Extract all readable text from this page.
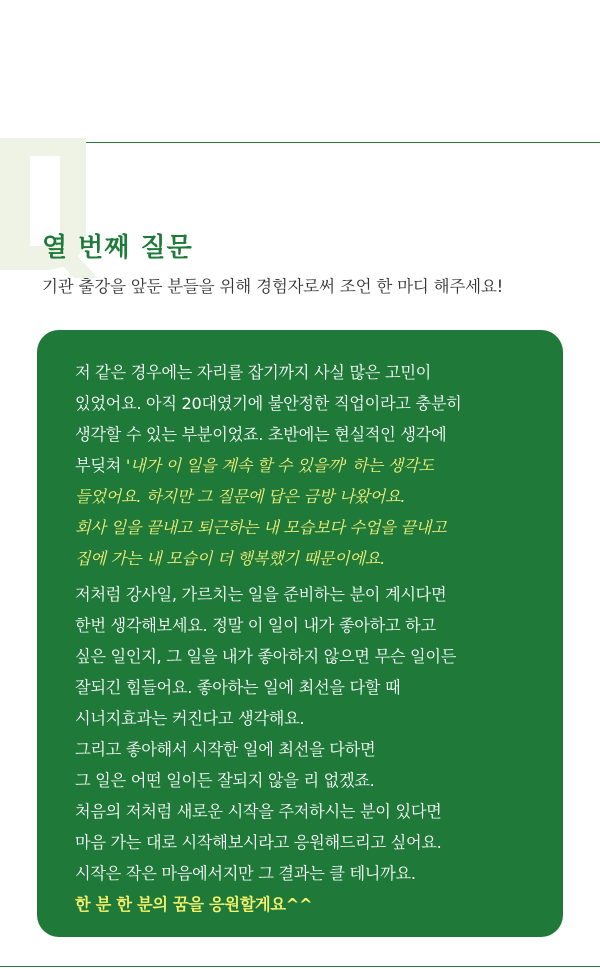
열 번째 질문

기관 출강을 앞둔 분들을 위해 경험자로써 조언 한 마디 해주세요!

저 같은 경우에는 자리를 잡기까지 사실 많은 고민이

있었어요. 아직 20대였기에 불안정한 직업이라고 충분히

생각할 수 있는 부분이었죠. 초반에는 현실적인 생각에

부딪쳐 '내가 이 일을 계속 할 수 있을까' 하는 생각도

들었어요. 하지만 그 질문에 답은 금방 나왔어요.

회사 일을 끝내고 퇴근하는 내 모습보다 수업을 끝내고

집에 가는 내 모습이 더 행복했기 때문이에요.

저처럼 강사일, 가르치는 일을 준비하는 분이 계시다면

한번 생각해보세요. 정말 이 일이 내가 좋아하고 하고

싶은 일인지, 그 일을 내가 좋아하지 않으면 무슨 일이든

잘되긴 힘들어요. 좋아하는 일에 최선을 다할 때

시너지효과는 커진다고 생각해요.

그리고 좋아해서 시작한 일에 최선을 다하면

그 일은 어떤 일이든 잘되지 않을 리 없겠죠.

처음의 저처럼 새로운 시작을 주저하시는 분이 있다면

마음 가는 대로 시작해보시라고 응원해드리고 싶어요.

시작은 작은 마음에서지만 그 결과는 클 테니까요.

한 분 한 분의 꿈을 응원할게요^^
